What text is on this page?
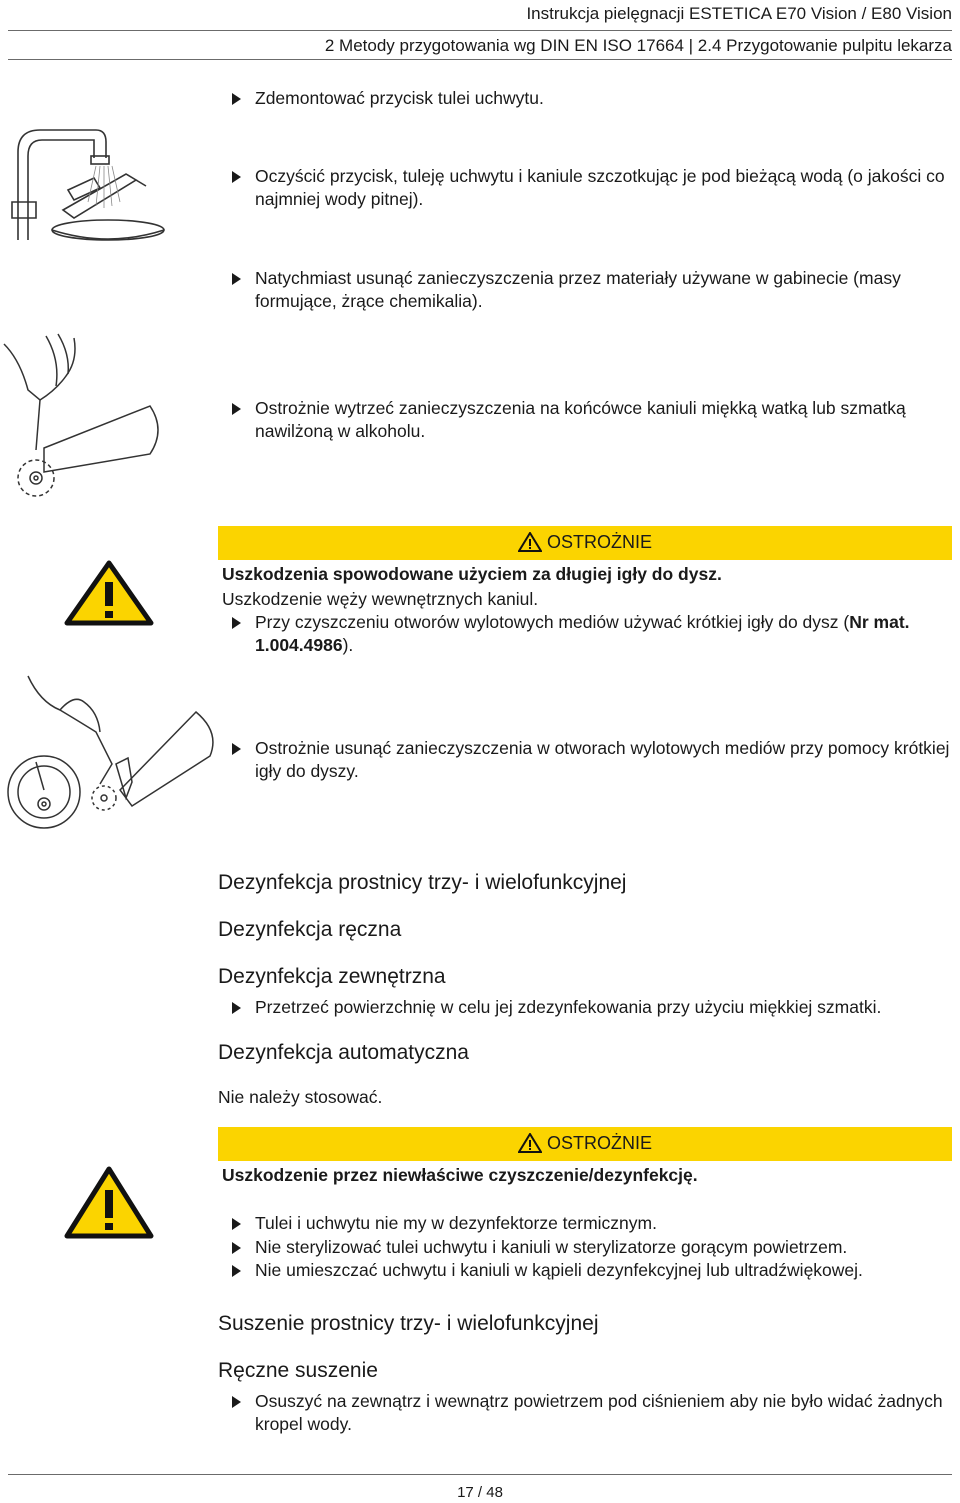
Instrukcja pielęgnacji ESTETICA E70 Vision / E80 Vision
2 Metody przygotowania wg DIN EN ISO 17664 | 2.4 Przygotowanie pulpitu lekarza
Zdemontować przycisk tulei uchwytu.
Oczyścić przycisk, tuleję uchwytu i kaniule szczotkując je pod bieżącą wodą (o jakości co najmniej wody pitnej).
Natychmiast usunąć zanieczyszczenia przez materiały używane w gabinecie (masy formujące, żrące chemikalia).
Ostrożnie wytrzeć zanieczyszczenia na końcówce kaniuli miękką watką lub szmatką nawilżoną w alkoholu.
OSTROŻNIE
Uszkodzenia spowodowane użyciem za długiej igły do dysz.
Uszkodzenie węży wewnętrznych kaniul.
Przy czyszczeniu otworów wylotowych mediów używać krótkiej igły do dysz (Nr mat. 1.004.4986).
Ostrożnie usunąć zanieczyszczenia w otworach wylotowych mediów przy pomocy krótkiej igły do dyszy.
Dezynfekcja prostnicy trzy- i wielofunkcyjnej
Dezynfekcja ręczna
Dezynfekcja zewnętrzna
Przetrzeć powierzchnię w celu jej zdezynfekowania przy użyciu miękkiej szmatki.
Dezynfekcja automatyczna
Nie należy stosować.
OSTROŻNIE
Uszkodzenie przez niewłaściwe czyszczenie/dezynfekcję.
Tulei i uchwytu nie my w dezynfektorze termicznym.
Nie sterylizować tulei uchwytu i kaniuli w sterylizatorze gorącym powietrzem.
Nie umieszczać uchwytu i kaniuli w kąpieli dezynfekcyjnej lub ultradźwiękowej.
Suszenie prostnicy trzy- i wielofunkcyjnej
Ręczne suszenie
Osuszyć na zewnątrz i wewnątrz powietrzem pod ciśnieniem aby nie było widać żadnych kropel wody.
17 / 48
